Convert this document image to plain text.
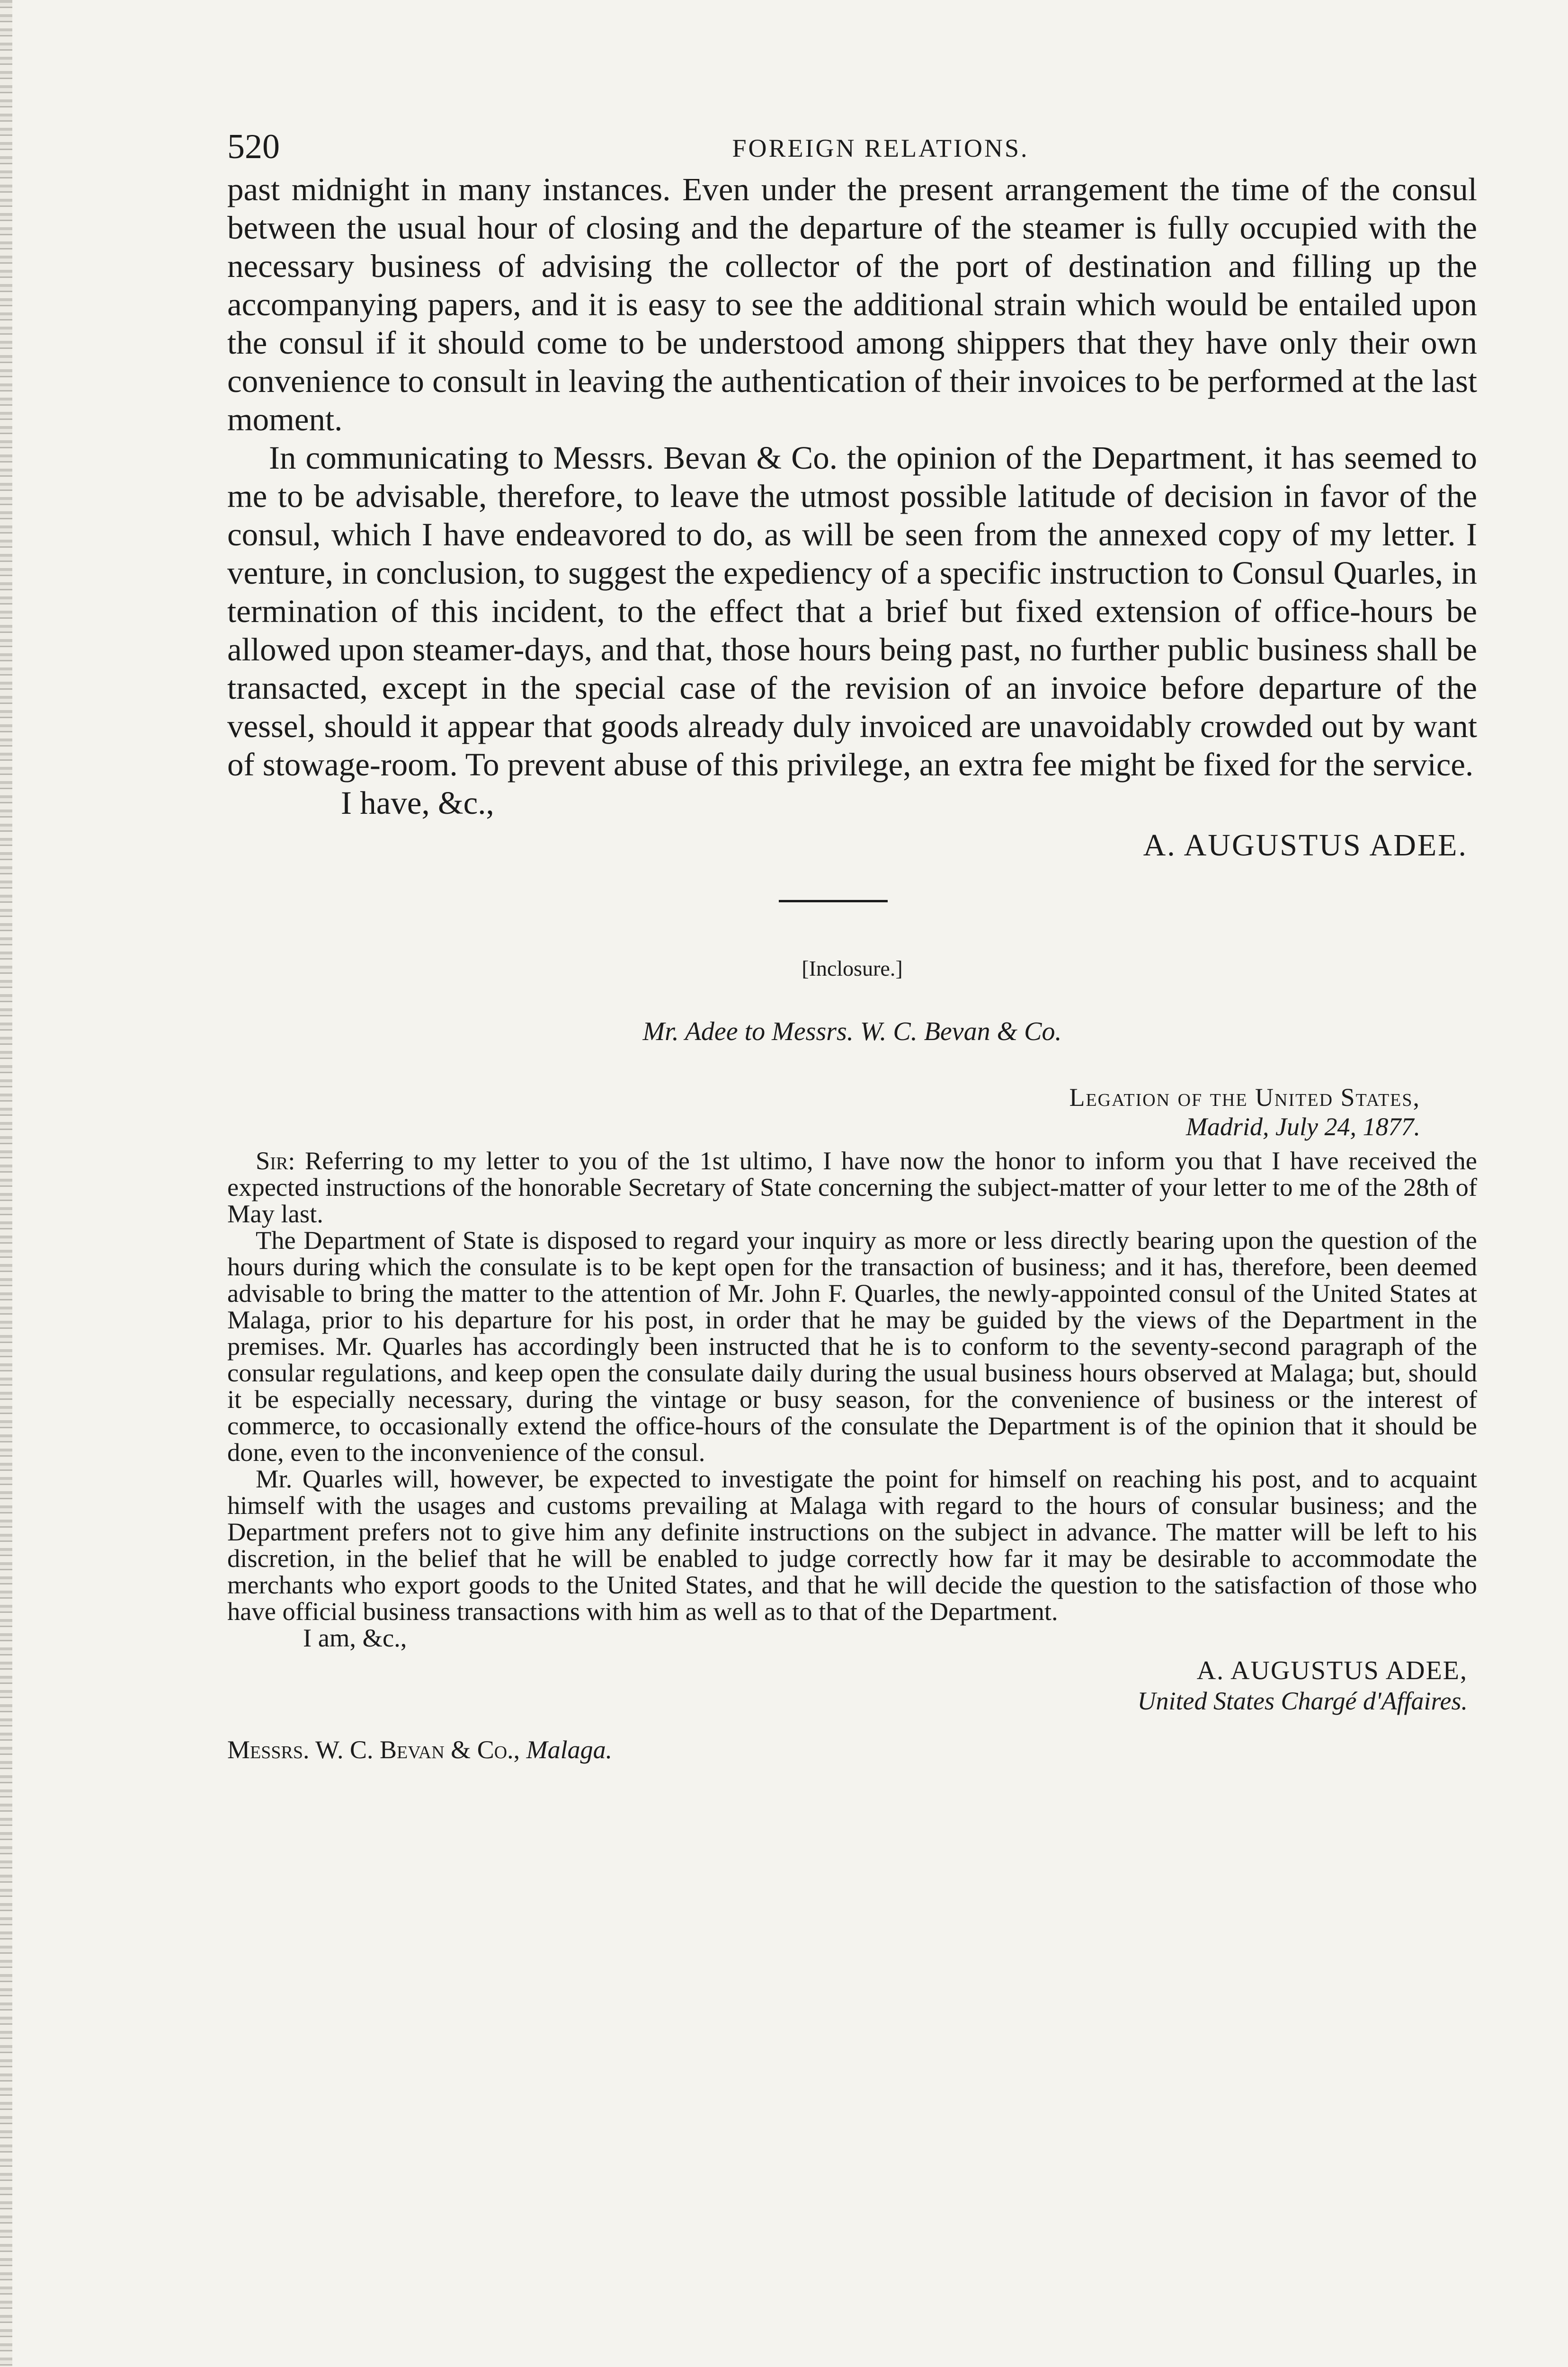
520	FOREIGN RELATIONS.

past midnight in many instances. Even under the present arrangement the time of the consul between the usual hour of closing and the departure of the steamer is fully occupied with the necessary business of advising the collector of the port of destination and filling up the accompanying papers, and it is easy to see the additional strain which would be entailed upon the consul if it should come to be understood among shippers that they have only their own convenience to consult in leaving the authentication of their invoices to be performed at the last moment.

In communicating to Messrs. Bevan & Co. the opinion of the Department, it has seemed to me to be advisable, therefore, to leave the utmost possible latitude of decision in favor of the consul, which I have endeavored to do, as will be seen from the annexed copy of my letter. I venture, in conclusion, to suggest the expediency of a specific instruction to Consul Quarles, in termination of this incident, to the effect that a brief but fixed extension of office-hours be allowed upon steamer-days, and that, those hours being past, no further public business shall be transacted, except in the special case of the revision of an invoice before departure of the vessel, should it appear that goods already duly invoiced are unavoidably crowded out by want of stowage-room. To prevent abuse of this privilege, an extra fee might be fixed for the service.

I have, &c.,

A. AUGUSTUS ADEE.
[Inclosure.]
Mr. Adee to Messrs. W. C. Bevan & Co.
Legation of the United States,
Madrid, July 24, 1877.

Sir: Referring to my letter to you of the 1st ultimo, I have now the honor to inform you that I have received the expected instructions of the honorable Secretary of State concerning the subject-matter of your letter to me of the 28th of May last.

The Department of State is disposed to regard your inquiry as more or less directly bearing upon the question of the hours during which the consulate is to be kept open for the transaction of business; and it has, therefore, been deemed advisable to bring the matter to the attention of Mr. John F. Quarles, the newly-appointed consul of the United States at Malaga, prior to his departure for his post, in order that he may be guided by the views of the Department in the premises. Mr. Quarles has accordingly been instructed that he is to conform to the seventy-second paragraph of the consular regulations, and keep open the consulate daily during the usual business hours observed at Malaga; but, should it be especially necessary, during the vintage or busy season, for the convenience of business or the interest of commerce, to occasionally extend the office-hours of the consulate the Department is of the opinion that it should be done, even to the inconvenience of the consul.

Mr. Quarles will, however, be expected to investigate the point for himself on reaching his post, and to acquaint himself with the usages and customs prevailing at Malaga with regard to the hours of consular business; and the Department prefers not to give him any definite instructions on the subject in advance. The matter will be left to his discretion, in the belief that he will be enabled to judge correctly how far it may be desirable to accommodate the merchants who export goods to the United States, and that he will decide the question to the satisfaction of those who have official business transactions with him as well as to that of the Department.

I am, &c.,

A. AUGUSTUS ADEE,
United States Chargé d'Affaires.
Messrs. W. C. Bevan & Co., Malaga.
